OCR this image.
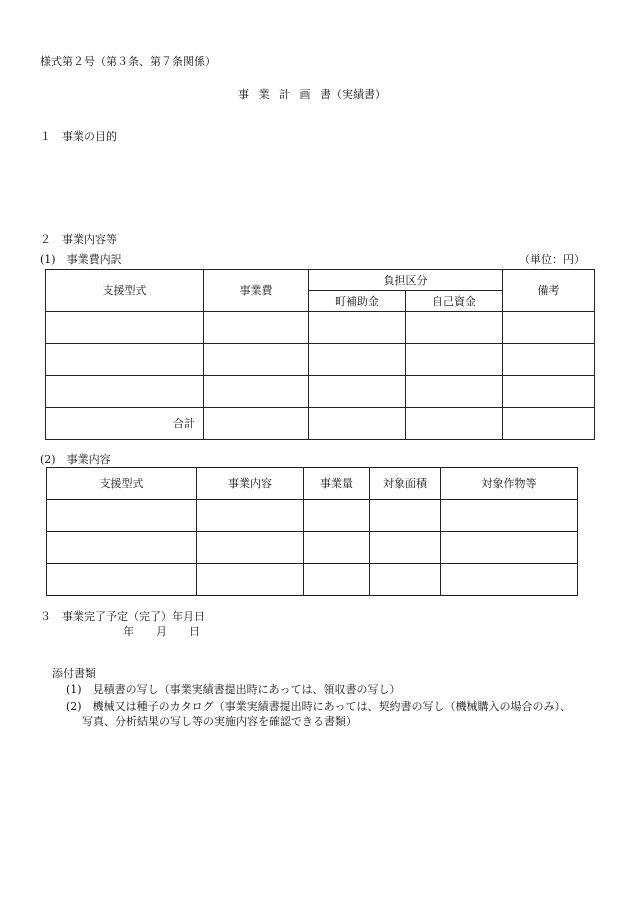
様式第２号（第３条、第７条関係）
事 業 計 画 書（実績書）
１　事業の目的
２　事業内容等
(1)　事業費内訳	（単位：円）
支援型式	事業費	負担区分		備考
		町補助金	自己資金	

合計				
(2)　事業内容
支援型式	事業内容	事業量	対象面積	対象作物等

３　事業完了予定（完了）年月日
年　　月　　日
添付書類
(1)　見積書の写し（事業実績書提出時にあっては、領収書の写し）
(2)　機械又は種子のカタログ（事業実績書提出時にあっては、契約書の写し（機械購入の場合のみ）、
写真、分析結果の写し等の実施内容を確認できる書類）
